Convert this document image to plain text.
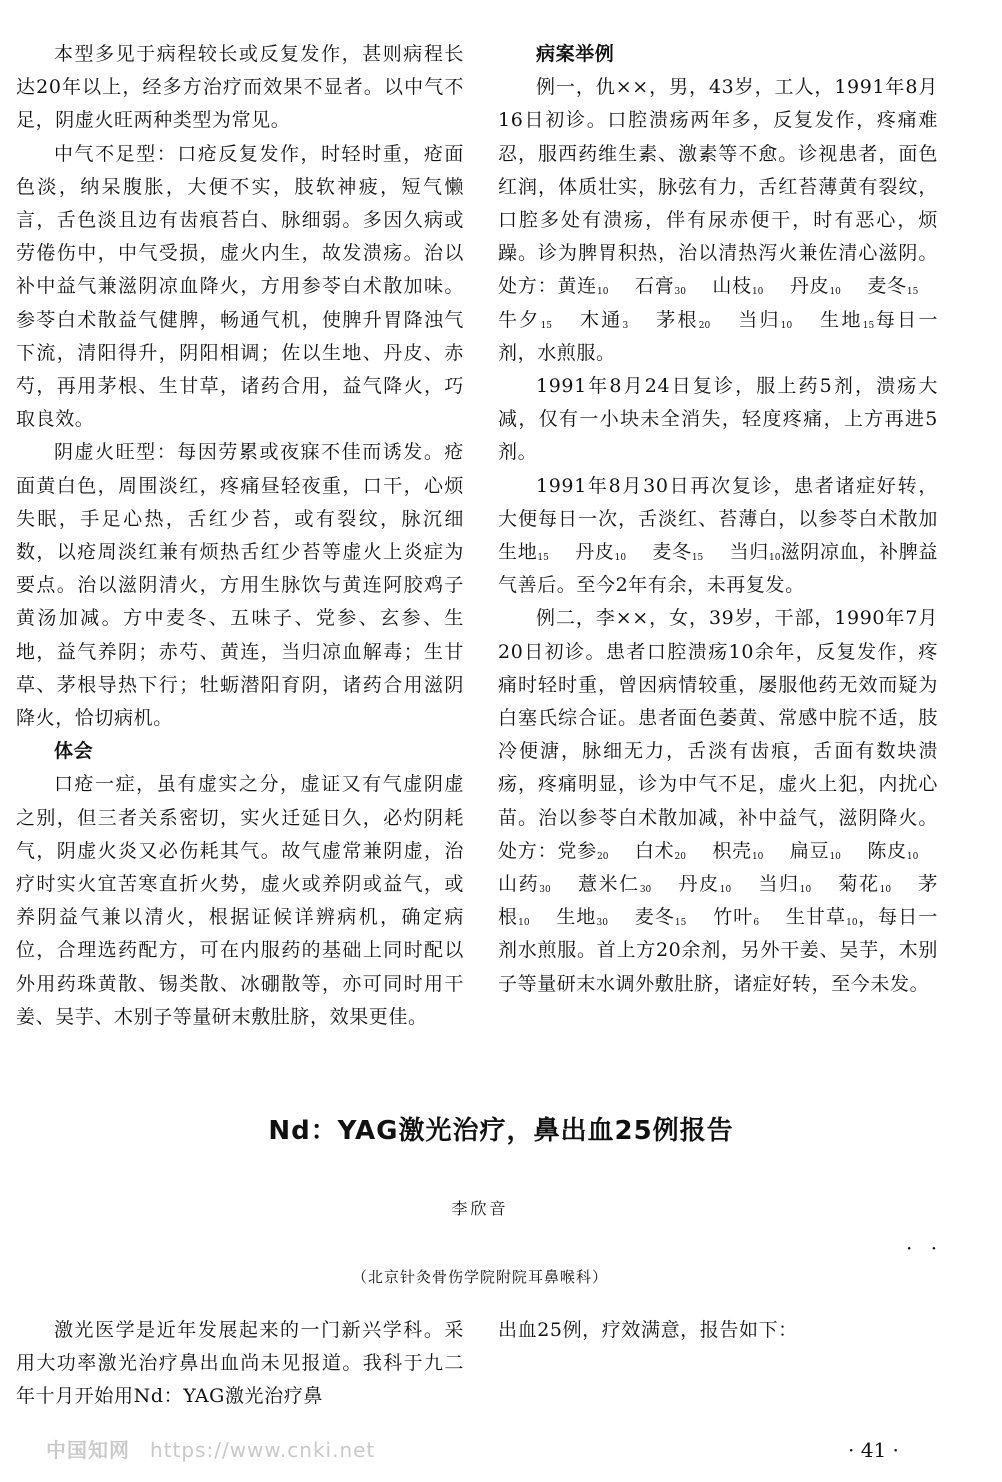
本型多见于病程较长或反复发作，甚则病程长达20年以上，经多方治疗而效果不显者。以中气不足，阴虚火旺两种类型为常见。

中气不足型：口疮反复发作，时轻时重，疮面色淡，纳呆腹胀，大便不实，肢软神疲，短气懒言，舌色淡且边有齿痕苔白、脉细弱。多因久病或劳倦伤中，中气受损，虚火内生，故发溃疡。治以补中益气兼滋阴凉血降火，方用参苓白术散加味。参苓白术散益气健脾，畅通气机，使脾升胃降浊气下流，清阳得升，阴阳相调；佐以生地、丹皮、赤芍，再用茅根、生甘草，诸药合用，益气降火，巧取良效。

阴虚火旺型：每因劳累或夜寐不佳而诱发。疮面黄白色，周围淡红，疼痛昼轻夜重，口干，心烦失眠，手足心热，舌红少苔，或有裂纹，脉沉细数，以疮周淡红兼有烦热舌红少苔等虚火上炎症为要点。治以滋阴清火，方用生脉饮与黄连阿胶鸡子黄汤加减。方中麦冬、五味子、党参、玄参、生地，益气养阴；赤芍、黄连，当归凉血解毒；生甘草、茅根导热下行；牡蛎潜阳育阴，诸药合用滋阴降火，恰切病机。

体会

口疮一症，虽有虚实之分，虚证又有气虚阴虚之别，但三者关系密切，实火迁延日久，必灼阴耗气，阴虚火炎又必伤耗其气。故气虚常兼阴虚，治疗时实火宜苦寒直折火势，虚火或养阴或益气，或养阴益气兼以清火，根据证候详辨病机，确定病位，合理选药配方，可在内服药的基础上同时配以外用药珠黄散、锡类散、冰硼散等，亦可同时用干姜、吴芋、木别子等量研末敷肚脐，效果更佳。

病案举例

例一，仇××，男，43岁，工人，1991年8月16日初诊。口腔溃疡两年多，反复发作，疼痛难忍，服西药维生素、激素等不愈。诊视患者，面色红润，体质壮实，脉弦有力，舌红苔薄黄有裂纹，口腔多处有溃疡，伴有尿赤便干，时有恶心，烦躁。诊为脾胃积热，治以清热泻火兼佐清心滋阴。处方：黄连$_{10}$  石膏$_{30}$  山枝$_{10}$  丹皮$_{10}$  麦冬$_{15}$  牛夕$_{15}$  木通$_3$  茅根$_{20}$  当归$_{10}$  生地$_{15}$每日一剂，水煎服。

1991年8月24日复诊，服上药5剂，溃疡大减，仅有一小块未全消失，轻度疼痛，上方再进5剂。

1991年8月30日再次复诊，患者诸症好转，大便每日一次，舌淡红、苔薄白，以参苓白术散加生地$_{15}$  丹皮$_{10}$  麦冬$_{15}$  当归$_{10}$滋阴凉血，补脾益气善后。至今2年有余，未再复发。

例二，李××，女，39岁，干部，1990年7月20日初诊。患者口腔溃疡10余年，反复发作，疼痛时轻时重，曾因病情较重，屡服他药无效而疑为白塞氏综合证。患者面色萎黄、常感中脘不适，肢冷便溏，脉细无力，舌淡有齿痕，舌面有数块溃疡，疼痛明显，诊为中气不足，虚火上犯，内扰心苗。治以参苓白术散加减，补中益气，滋阴降火。处方：党参$_{20}$  白术$_{20}$  枳壳$_{10}$  扁豆$_{10}$  陈皮$_{10}$  山药$_{30}$  薏米仁$_{30}$  丹皮$_{10}$  当归$_{10}$  菊花$_{10}$  茅根$_{10}$  生地$_{30}$  麦冬$_{15}$  竹叶$_6$  生甘草$_{10}$，每日一剂水煎服。首上方20余剂，另外干姜、吴芋，木别子等量研末水调外敷肚脐，诸症好转，至今未发。

Nd：YAG激光治疗，鼻出血25例报告
李欣音
· ·
（北京针灸骨伤学院附院耳鼻喉科）

激光医学是近年发展起来的一门新兴学科。采用大功率激光治疗鼻出血尚未见报道。我科于九二年十月开始用Nd：YAG激光治疗鼻

出血25例，疗效满意，报告如下：

中国知网 https://www.cnki.net	· 41 ·
